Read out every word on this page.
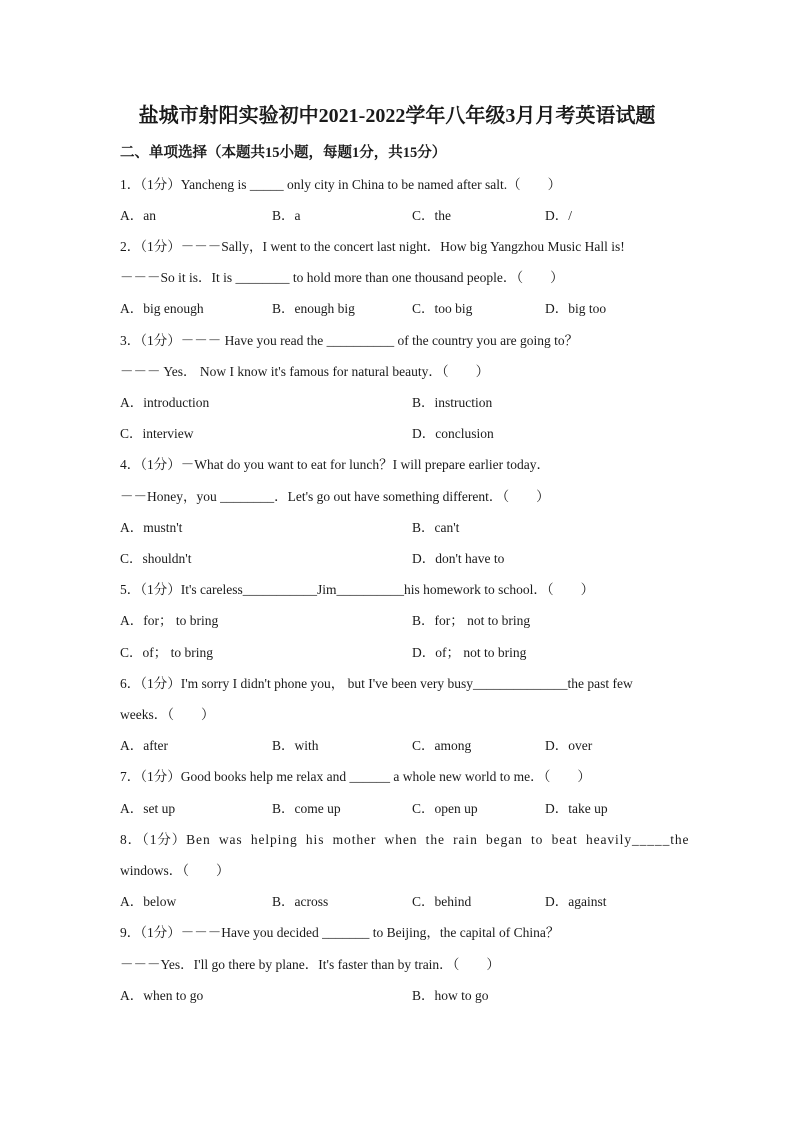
盐城市射阳实验初中2021-2022学年八年级3月月考英语试题
二、单项选择（本题共15小题，每题1分，共15分）
1．（1分）Yancheng is _____ only city in China to be named after salt.（　　）
A．an	B．a	C．the	D．/
2．（1分）－－－Sally，I went to the concert last night．How big Yangzhou Music Hall is!
－－－So it is．It is ________ to hold more than one thousand people．（　　）
A．big enough	B．enough big	C．too big	D．big too
3．（1分）－－－ Have you read the __________ of the country you are going to？
－－－ Yes． Now I know it's famous for natural beauty．（　　）
A．introduction	B．instruction
C．interview	D．conclusion
4．（1分）－What do you want to eat for lunch？I will prepare earlier today．
－－Honey，you ________．Let's go out have something different．（　　）
A．mustn't	B．can't
C．shouldn't	D．don't have to
5．（1分）It's careless___________Jim__________his homework to school．（　　）
A．for； to bring	B．for； not to bring
C．of； to bring	D．of； not to bring
6．（1分）I'm sorry I didn't phone you， but I've been very busy______________the past few
weeks．（　　）
A．after	B．with	C．among	D．over
7．（1分）Good books help me relax and ______ a whole new world to me．（　　）
A．set up	B．come up	C．open up	D．take up
8．（1分）Ben was helping his mother when the rain began to beat heavily_____the
windows．（　　）
A．below	B．across	C．behind	D．against
9．（1分）－－－Have you decided _______ to Beijing，the capital of China？
－－－Yes．I'll go there by plane．It's faster than by train．（　　）
A．when to go	B．how to go
